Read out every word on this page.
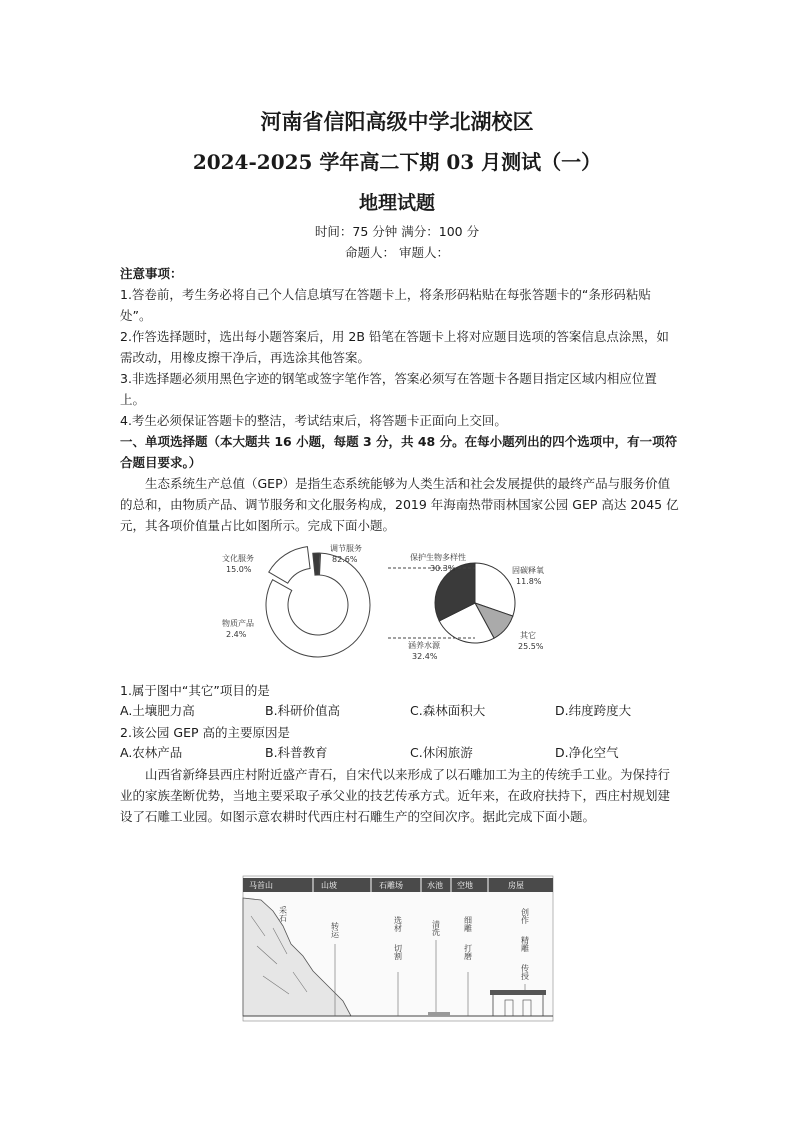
河南省信阳高级中学北湖校区
2024-2025 学年高二下期 03 月测试（一）
地理试题
时间：75 分钟 满分：100 分
命题人： 审题人：
注意事项：
1.答卷前，考生务必将自己个人信息填写在答题卡上，将条形码粘贴在每张答题卡的“条形码粘贴处”。
2.作答选择题时，选出每小题答案后，用 2B 铅笔在答题卡上将对应题目选项的答案信息点涂黑，如需改动，用橡皮擦干净后，再选涂其他答案。
3.非选择题必须用黑色字迹的钢笔或签字笔作答，答案必须写在答题卡各题目指定区域内相应位置上。
4.考生必须保证答题卡的整洁，考试结束后，将答题卡正面向上交回。
一、单项选择题（本大题共 16 小题，每题 3 分，共 48 分。在每小题列出的四个选项中，有一项符合题目要求。）
生态系统生产总值（GEP）是指生态系统能够为人类生活和社会发展提供的最终产品与服务价值的总和，由物质产品、调节服务和文化服务构成，2019 年海南热带雨林国家公园 GEP 高达 2045 亿元，其各项价值量占比如图所示。完成下面小题。
文化服务
15.0%
调节服务
82.6%
物质产品
2.4%
保护生物多样性
30.3%	固碳释氧
11.8%
其它
25.5%
涵养水源
32.4%
1.属于图中“其它”项目的是
A.土壤肥力高	B.科研价值高	C.森林面积大	D.纬度跨度大
2.该公园 GEP 高的主要原因是
A.农林产品	B.科普教育	C.休闲旅游	D.净化空气
山西省新绛县西庄村附近盛产青石，自宋代以来形成了以石雕加工为主的传统手工业。为保持行业的家族垄断优势，当地主要采取子承父业的技艺传承方式。近年来，在政府扶持下，西庄村规划建设了石雕工业园。如图示意农耕时代西庄村石雕生产的空间次序。据此完成下面小题。
马首山	山坡	石雕场	水池 空地	房屋
采石
转运	选材
切割
清洗	细雕
打磨
创作
精雕
传授
